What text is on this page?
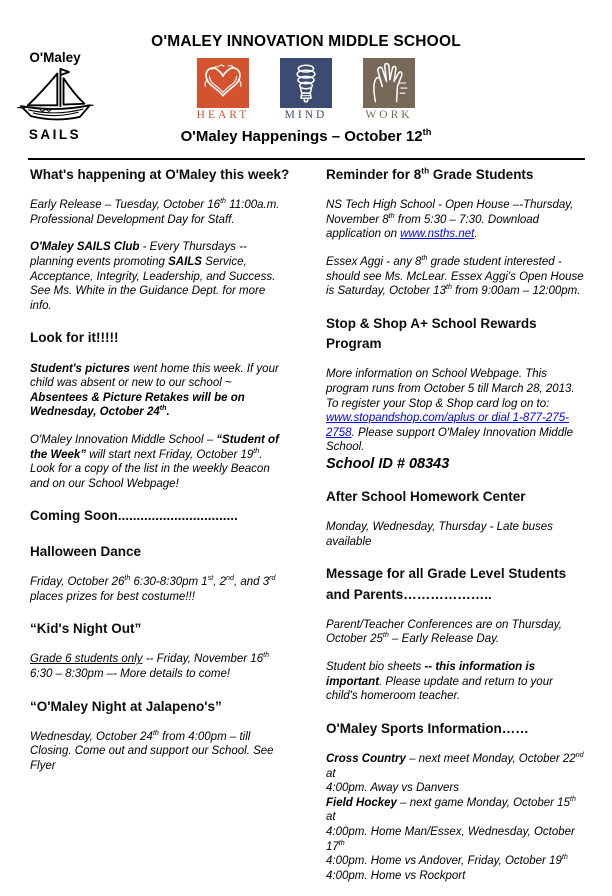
O'MALEY INNOVATION MIDDLE SCHOOL
O'Maley
SAILS
HEART	MIND	WORK
O'Maley Happenings – October 12th
What's happening at O'Maley this week?

Early Release – Tuesday, October 16th 11:00a.m. Professional Development Day for Staff.

O'Maley SAILS Club - Every Thursdays -- planning events promoting SAILS Service, Acceptance, Integrity, Leadership, and Success. See Ms. White in the Guidance Dept. for more info.

Look for it!!!!!

Student's pictures went home this week. If your child was absent or new to our school ~ Absentees & Picture Retakes will be on Wednesday, October 24th.

O'Maley Innovation Middle School – “Student of the Week” will start next Friday, October 19th. Look for a copy of the list in the weekly Beacon and on our School Webpage!

Coming Soon................................
Halloween Dance

Friday, October 26th 6:30-8:30pm 1st, 2nd, and 3rd places prizes for best costume!!!

“Kid's Night Out”

Grade 6 students only -- Friday, November 16th 6:30 – 8:30pm –- More details to come!

“O'Maley Night at Jalapeno's”

Wednesday, October 24th from 4:00pm – till Closing. Come out and support our School. See Flyer

Reminder for 8th Grade Students

NS Tech High School - Open House –-Thursday, November 8th from 5:30 – 7:30. Download application on www.nsths.net.

Essex Aggi - any 8th grade student interested - should see Ms. McLear. Essex Aggi's Open House is Saturday, October 13th from 9:00am – 12:00pm.

Stop & Shop A+ School Rewards Program

More information on School Webpage. This program runs from October 5 till March 28, 2013. To register your Stop & Shop card log on to: www.stopandshop.com/aplus or dial 1-877-275-2758. Please support O'Maley Innovation Middle School.

School ID # 08343

After School Homework Center

Monday, Wednesday, Thursday - Late buses available

Message for all Grade Level Students and Parents………………..

Parent/Teacher Conferences are on Thursday, October 25th – Early Release Day.

Student bio sheets -- this information is important. Please update and return to your child's homeroom teacher.

O'Maley Sports Information……

Cross Country – next meet Monday, October 22nd at
4:00pm. Away vs Danvers
Field Hockey – next game Monday, October 15th at
4:00pm. Home Man/Essex, Wednesday, October 17th
4:00pm. Home vs Andover, Friday, October 19th
4:00pm. Home vs Rockport
